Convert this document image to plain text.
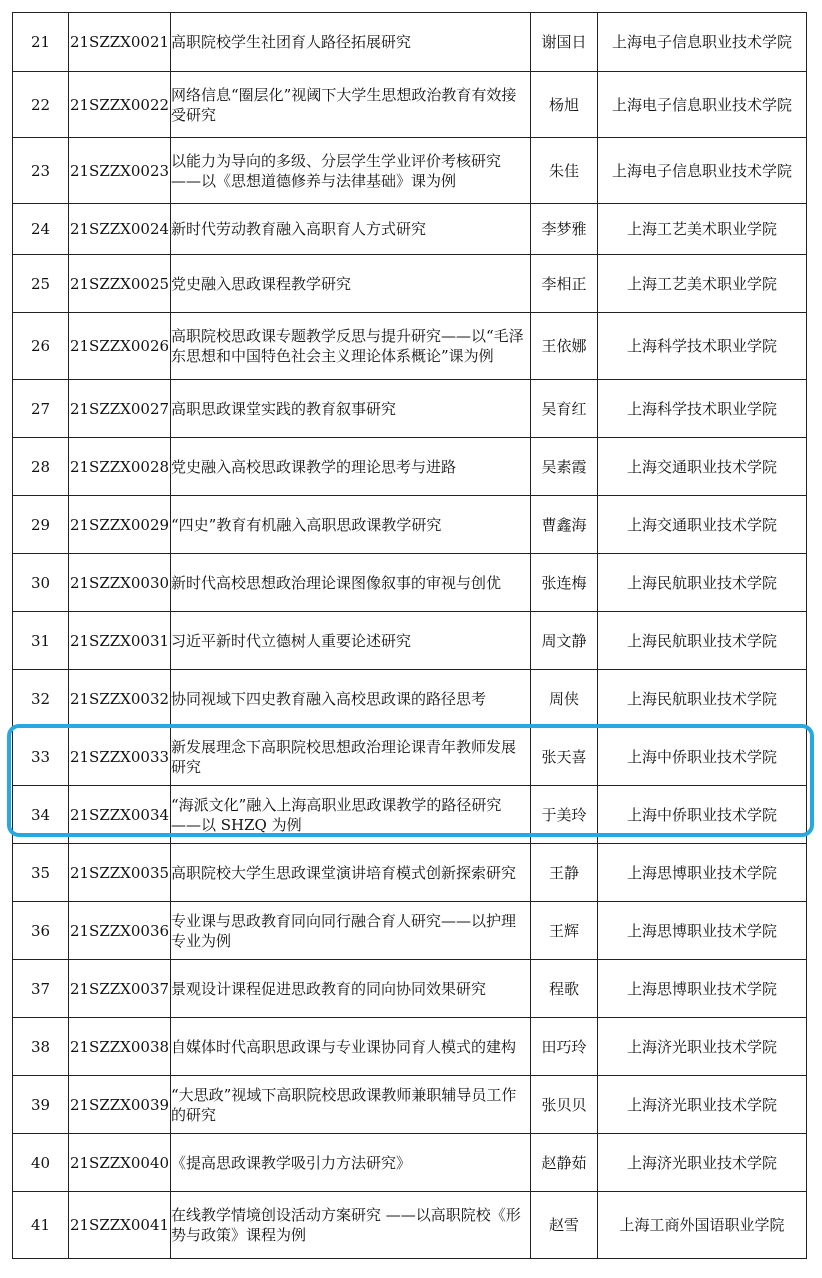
21	21SZZX0021	高职院校学生社团育人路径拓展研究	谢国日	上海电子信息职业技术学院
22	21SZZX0022	网络信息“圈层化”视阈下大学生思想政治教育有效接受研究	杨旭	上海电子信息职业技术学院
23	21SZZX0023	以能力为导向的多级、分层学生学业评价考核研究——以《思想道德修养与法律基础》课为例	朱佳	上海电子信息职业技术学院
24	21SZZX0024	新时代劳动教育融入高职育人方式研究	李梦雅	上海工艺美术职业学院
25	21SZZX0025	党史融入思政课程教学研究	李相正	上海工艺美术职业学院
26	21SZZX0026	高职院校思政课专题教学反思与提升研究——以“毛泽东思想和中国特色社会主义理论体系概论”课为例	王依娜	上海科学技术职业学院
27	21SZZX0027	高职思政课堂实践的教育叙事研究	吴育红	上海科学技术职业学院
28	21SZZX0028	党史融入高校思政课教学的理论思考与进路	吴素霞	上海交通职业技术学院
29	21SZZX0029	“四史”教育有机融入高职思政课教学研究	曹鑫海	上海交通职业技术学院
30	21SZZX0030	新时代高校思想政治理论课图像叙事的审视与创优	张连梅	上海民航职业技术学院
31	21SZZX0031	习近平新时代立德树人重要论述研究	周文静	上海民航职业技术学院
32	21SZZX0032	协同视域下四史教育融入高校思政课的路径思考	周侠	上海民航职业技术学院
33	21SZZX0033	新发展理念下高职院校思想政治理论课青年教师发展研究	张天喜	上海中侨职业技术学院
34	21SZZX0034	“海派文化”融入上海高职业思政课教学的路径研究——以 SHZQ 为例	于美玲	上海中侨职业技术学院
35	21SZZX0035	高职院校大学生思政课堂演讲培育模式创新探索研究	王静	上海思博职业技术学院
36	21SZZX0036	专业课与思政教育同向同行融合育人研究——以护理专业为例	王辉	上海思博职业技术学院
37	21SZZX0037	景观设计课程促进思政教育的同向协同效果研究	程歌	上海思博职业技术学院
38	21SZZX0038	自媒体时代高职思政课与专业课协同育人模式的建构	田巧玲	上海济光职业技术学院
39	21SZZX0039	“大思政”视域下高职院校思政课教师兼职辅导员工作的研究	张贝贝	上海济光职业技术学院
40	21SZZX0040	《提高思政课教学吸引力方法研究》	赵静茹	上海济光职业技术学院
41	21SZZX0041	在线教学情境创设活动方案研究 ——以高职院校《形势与政策》课程为例	赵雪	上海工商外国语职业学院
